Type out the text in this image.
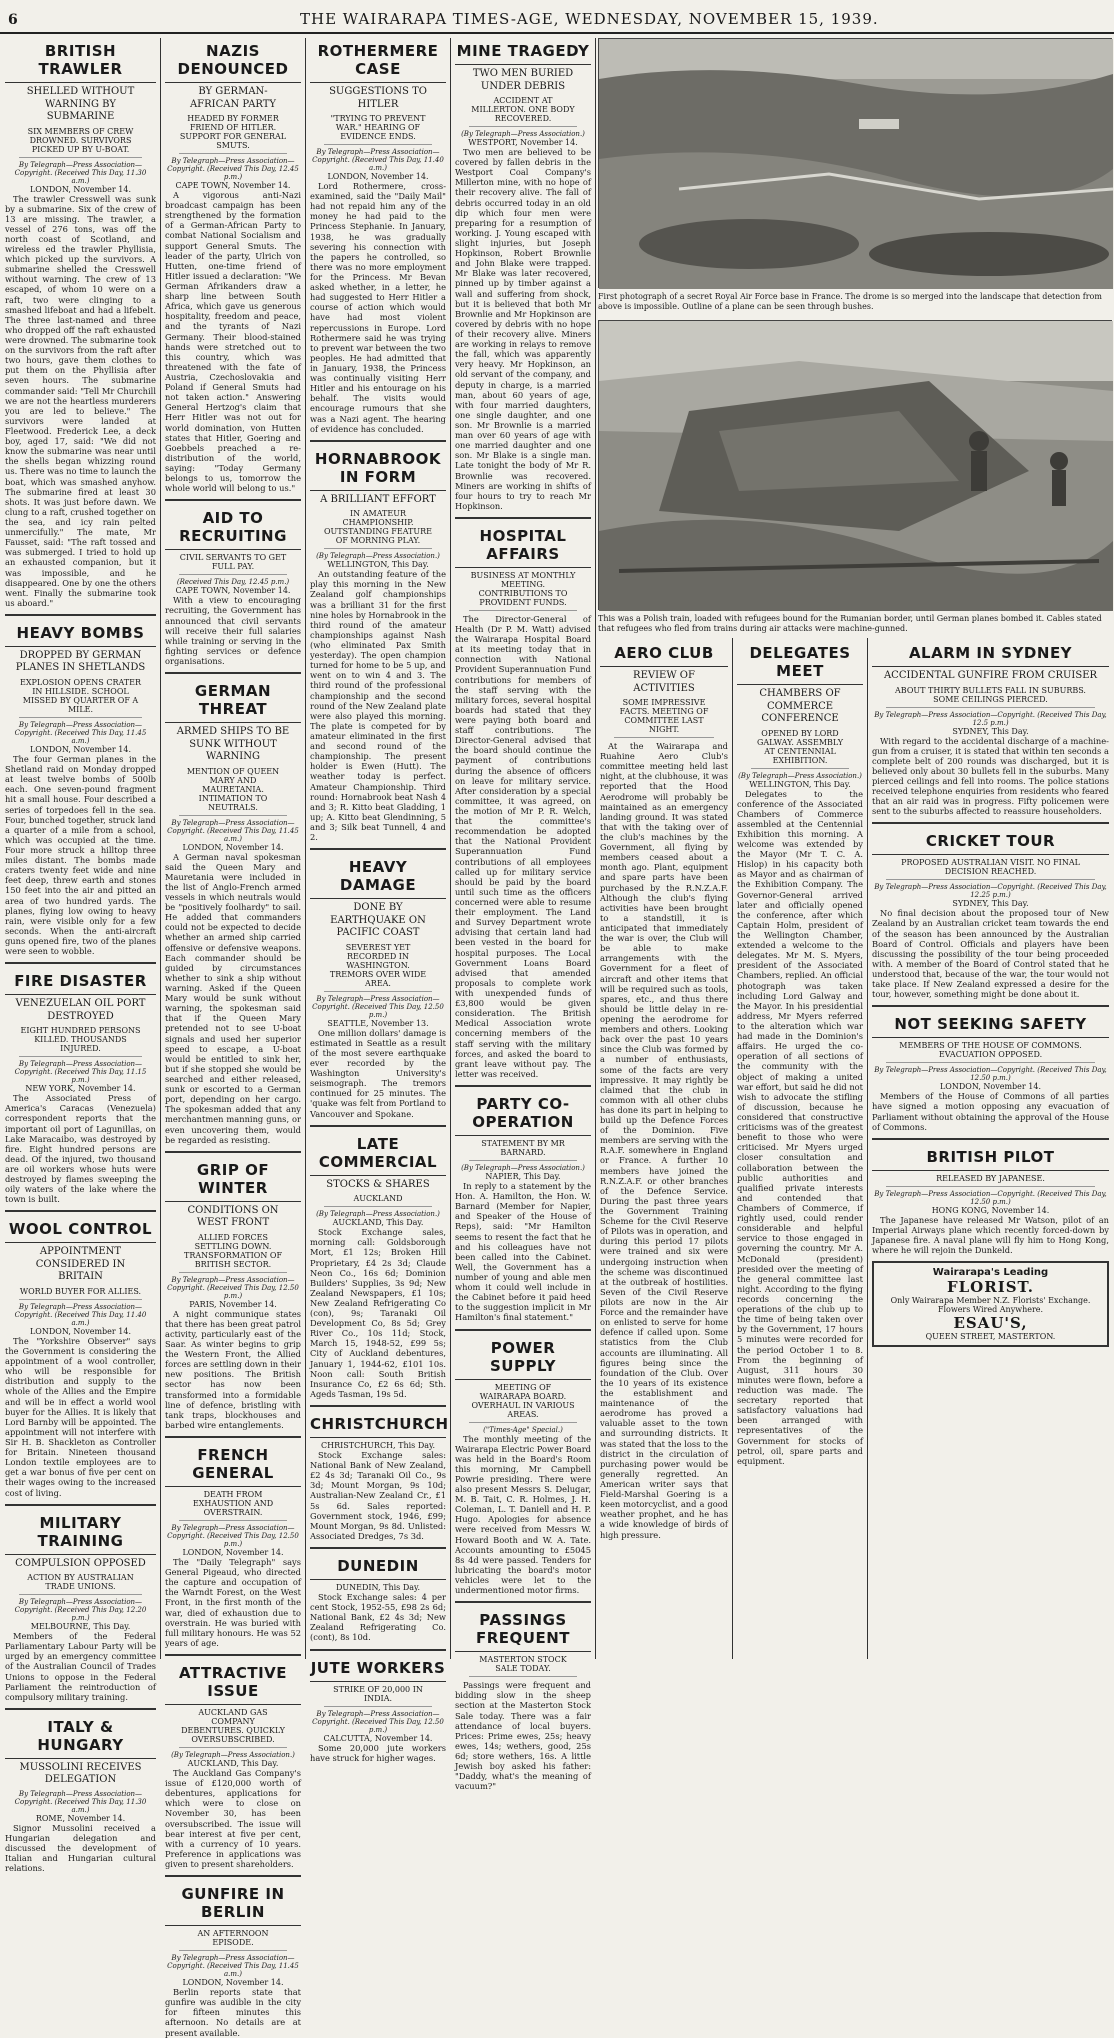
6	THE WAIRARAPA TIMES-AGE, WEDNESDAY, NOVEMBER 15, 1939.
BRITISH TRAWLER
SHELLED WITHOUT WARNING BY SUBMARINE
SIX MEMBERS OF CREW DROWNED. SURVIVORS PICKED UP BY U-BOAT.
By Telegraph—Press Association—Copyright. (Received This Day, 11.30 a.m.)
LONDON, November 14.

The trawler Cresswell was sunk by a submarine. Six of the crew of 13 are missing. The trawler, a vessel of 276 tons, was off the north coast of Scotland, and wireless ed the trawler Phyllisia, which picked up the survivors. A submarine shelled the Cresswell without warning. The crew of 13 escaped, of whom 10 were on a raft, two were clinging to a smashed lifeboat and had a lifebelt. The three last-named and three who dropped off the raft exhausted were drowned. The submarine took on the survivors from the raft after two hours, gave them clothes to put them on the Phyllisia after seven hours. The submarine commander said: "Tell Mr Churchill we are not the heartless murderers you are led to believe." The survivors were landed at Fleetwood. Frederick Lee, a deck boy, aged 17, said: "We did not know the submarine was near until the shells began whizzing round us. There was no time to launch the boat, which was smashed anyhow. The submarine fired at least 30 shots. It was just before dawn. We clung to a raft, crushed together on the sea, and icy rain pelted unmercifully." The mate, Mr Fausset, said: "The raft tossed and was submerged. I tried to hold up an exhausted companion, but it was impossible, and he disappeared. One by one the others went. Finally the submarine took us aboard."

HEAVY BOMBS
DROPPED BY GERMAN PLANES IN SHETLANDS
EXPLOSION OPENS CRATER IN HILLSIDE. SCHOOL MISSED BY QUARTER OF A MILE.
By Telegraph—Press Association—Copyright. (Received This Day, 11.45 a.m.)
LONDON, November 14.

The four German planes in the Shetland raid on Monday dropped at least twelve bombs of 500lb each. One seven-pound fragment hit a small house. Four described a series of torpedoes fell in the sea. Four, bunched together, struck land a quarter of a mile from a school, which was occupied at the time. Four more struck a hilltop three miles distant. The bombs made craters twenty feet wide and nine feet deep, threw earth and stones 150 feet into the air and pitted an area of two hundred yards. The planes, flying low owing to heavy rain, were visible only for a few seconds. When the anti-aircraft guns opened fire, two of the planes were seen to wobble.

FIRE DISASTER
VENEZUELAN OIL PORT DESTROYED
EIGHT HUNDRED PERSONS KILLED. THOUSANDS INJURED.
By Telegraph—Press Association—Copyright. (Received This Day, 11.15 p.m.)
NEW YORK, November 14.

The Associated Press of America's Caracas (Venezuela) correspondent reports that the important oil port of Lagunillas, on Lake Maracaibo, was destroyed by fire. Eight hundred persons are dead. Of the injured, two thousand are oil workers whose huts were destroyed by flames sweeping the oily waters of the lake where the town is built.

WOOL CONTROL
APPOINTMENT CONSIDERED IN BRITAIN
WORLD BUYER FOR ALLIES.
By Telegraph—Press Association—Copyright. (Received This Day, 11.40 a.m.)
LONDON, November 14.

The "Yorkshire Observer" says the Government is considering the appointment of a wool controller, who will be responsible for distribution and supply to the whole of the Allies and the Empire and will be in effect a world wool buyer for the Allies. It is likely that Lord Barnby will be appointed. The appointment will not interfere with Sir H. B. Shackleton as Controller for Britain. Nineteen thousand London textile employees are to get a war bonus of five per cent on their wages owing to the increased cost of living.

MILITARY TRAINING
COMPULSION OPPOSED
ACTION BY AUSTRALIAN TRADE UNIONS.
By Telegraph—Press Association—Copyright. (Received This Day, 12.20 p.m.)
MELBOURNE, This Day.

Members of the Federal Parliamentary Labour Party will be urged by an emergency committee of the Australian Council of Trades Unions to oppose in the Federal Parliament the reintroduction of compulsory military training.

ITALY & HUNGARY
MUSSOLINI RECEIVES DELEGATION
By Telegraph—Press Association—Copyright. (Received This Day, 11.30 a.m.)
ROME, November 14.

Signor Mussolini received a Hungarian delegation and discussed the development of Italian and Hungarian cultural relations.

NAZIS DENOUNCED
BY GERMAN-AFRICAN PARTY
HEADED BY FORMER FRIEND OF HITLER. SUPPORT FOR GENERAL SMUTS.
By Telegraph—Press Association—Copyright. (Received This Day, 12.45 p.m.)
CAPE TOWN, November 14.

A vigorous anti-Nazi broadcast campaign has been strengthened by the formation of a German-African Party to combat National Socialism and support General Smuts. The leader of the party, Ulrich von Hutten, one-time friend of Hitler issued a declaration: "We German Afrikanders draw a sharp line between South Africa, which gave us generous hospitality, freedom and peace, and the tyrants of Nazi Germany. Their blood-stained hands were stretched out to this country, which was threatened with the fate of Austria, Czechoslovakia and Poland if General Smuts had not taken action." Answering General Hertzog's claim that Herr Hitler was not out for world domination, von Hutten states that Hitler, Goering and Goebbels preached a re-distribution of the world, saying: "Today Germany belongs to us, tomorrow the whole world will belong to us."

AID TO RECRUITING
CIVIL SERVANTS TO GET FULL PAY.
(Received This Day, 12.45 p.m.)
CAPE TOWN, November 14.

With a view to encouraging recruiting, the Government has announced that civil servants will receive their full salaries while training or serving in the fighting services or defence organisations.

GERMAN THREAT
ARMED SHIPS TO BE SUNK WITHOUT WARNING
MENTION OF QUEEN MARY AND MAURETANIA. INTIMATION TO NEUTRALS.
By Telegraph—Press Association—Copyright. (Received This Day, 11.45 a.m.)
LONDON, November 14.

A German naval spokesman said the Queen Mary and Mauretania were included in the list of Anglo-French armed vessels in which neutrals would be "positively foolhardy" to sail. He added that commanders could not be expected to decide whether an armed ship carried offensive or defensive weapons. Each commander should be guided by circumstances whether to sink a ship without warning. Asked if the Queen Mary would be sunk without warning, the spokesman said that if the Queen Mary pretended not to see U-boat signals and used her superior speed to escape, a U-boat would be entitled to sink her, but if she stopped she would be searched and either released, sunk or escorted to a German port, depending on her cargo. The spokesman added that any merchantmen manning guns, or even uncovering them, would be regarded as resisting.

GRIP OF WINTER
CONDITIONS ON WEST FRONT
ALLIED FORCES SETTLING DOWN. TRANSFORMATION OF BRITISH SECTOR.
By Telegraph—Press Association—Copyright. (Received This Day, 12.50 p.m.)
PARIS, November 14.

A night communique states that there has been great patrol activity, particularly east of the Saar. As winter begins to grip the Western Front, the Allied forces are settling down in their new positions. The British sector has now been transformed into a formidable line of defence, bristling with tank traps, blockhouses and barbed wire entanglements.

FRENCH GENERAL
DEATH FROM EXHAUSTION AND OVERSTRAIN.
By Telegraph—Press Association—Copyright. (Received This Day, 12.50 p.m.)
LONDON, November 14.

The "Daily Telegraph" says General Pigeaud, who directed the capture and occupation of the Warndt Forest, on the West Front, in the first month of the war, died of exhaustion due to overstrain. He was buried with full military honours. He was 52 years of age.

ATTRACTIVE ISSUE
AUCKLAND GAS COMPANY DEBENTURES. QUICKLY OVERSUBSCRIBED.
(By Telegraph—Press Association.)
AUCKLAND, This Day.

The Auckland Gas Company's issue of £120,000 worth of debentures, applications for which were to close on November 30, has been oversubscribed. The issue will bear interest at five per cent, with a currency of 10 years. Preference in applications was given to present shareholders.

GUNFIRE IN BERLIN
AN AFTERNOON EPISODE.
By Telegraph—Press Association—Copyright. (Received This Day, 11.45 a.m.)
LONDON, November 14.

Berlin reports state that gunfire was audible in the city for fifteen minutes this afternoon. No details are at present available.

ROTHERMERE CASE
SUGGESTIONS TO HITLER
"TRYING TO PREVENT WAR." HEARING OF EVIDENCE ENDS.
By Telegraph—Press Association—Copyright. (Received This Day, 11.40 a.m.)
LONDON, November 14.

Lord Rothermere, cross-examined, said the "Daily Mail" had not repaid him any of the money he had paid to the Princess Stephanie. In January, 1938, he was gradually severing his connection with the papers he controlled, so there was no more employment for the Princess. Mr Bevan asked whether, in a letter, he had suggested to Herr Hitler a course of action which would have had most violent repercussions in Europe. Lord Rothermere said he was trying to prevent war between the two peoples. He had admitted that in January, 1938, the Princess was continually visiting Herr Hitler and his entourage on his behalf. The visits would encourage rumours that she was a Nazi agent. The hearing of evidence has concluded.

HORNABROOK IN FORM
A BRILLIANT EFFORT
IN AMATEUR CHAMPIONSHIP. OUTSTANDING FEATURE OF MORNING PLAY.
(By Telegraph—Press Association.)
WELLINGTON, This Day.

An outstanding feature of the play this morning in the New Zealand golf championships was a brilliant 31 for the first nine holes by Hornabrook in the third round of the amateur championships against Nash (who eliminated Pax Smith yesterday). The open champion turned for home to be 5 up, and went on to win 4 and 3. The third round of the professional championship and the second round of the New Zealand plate were also played this morning. The plate is competed for by amateur eliminated in the first and second round of the championship. The present holder is Ewen (Hutt). The weather today is perfect. Amateur Championship. Third round: Hornabrook beat Nash 4 and 3; R. Kitto beat Gladding, 1 up; A. Kitto beat Glendinning, 5 and 3; Silk beat Tunnell, 4 and 2.

HEAVY DAMAGE
DONE BY EARTHQUAKE ON PACIFIC COAST
SEVEREST YET RECORDED IN WASHINGTON. TREMORS OVER WIDE AREA.
By Telegraph—Press Association—Copyright. (Received This Day, 12.50 p.m.)
SEATTLE, November 13.

One million dollars' damage is estimated in Seattle as a result of the most severe earthquake ever recorded by the Washington University's seismograph. The tremors continued for 25 minutes. The 'quake was felt from Portland to Vancouver and Spokane.

LATE COMMERCIAL
STOCKS & SHARES
AUCKLAND
(By Telegraph—Press Association.)
AUCKLAND, This Day.

Stock Exchange sales, morning call: Goldsborough Mort, £1 12s; Broken Hill Proprietary, £4 2s 3d; Claude Neon Co., 16s 6d; Dominion Builders' Supplies, 3s 9d; New Zealand Newspapers, £1 10s; New Zealand Refrigerating Co (con), 9s; Taranaki Oil Development Co, 8s 5d; Grey River Co., 10s 11d; Stock, March 15, 1948-52, £99 5s; City of Auckland debentures, January 1, 1944-62, £101 10s. Noon call: South British Insurance Co, £2 6s 6d; Sth. Ageds Tasman, 19s 5d.

CHRISTCHURCH
CHRISTCHURCH, This Day.

Stock Exchange sales: National Bank of New Zealand, £2 4s 3d; Taranaki Oil Co., 9s 3d; Mount Morgan, 9s 10d; Australian-New Zealand Cr., £1 5s 6d. Sales reported: Government stock, 1946, £99; Mount Morgan, 9s 8d. Unlisted: Associated Dredges, 7s 3d.

DUNEDIN
DUNEDIN, This Day.

Stock Exchange sales: 4 per cent Stock, 1952-55, £98 2s 6d; National Bank, £2 4s 3d; New Zealand Refrigerating Co. (cont), 8s 10d.

JUTE WORKERS
STRIKE OF 20,000 IN INDIA.
By Telegraph—Press Association—Copyright. (Received This Day, 12.50 p.m.)
CALCUTTA, November 14.

Some 20,000 jute workers have struck for higher wages.

MINE TRAGEDY
TWO MEN BURIED UNDER DEBRIS
ACCIDENT AT MILLERTON. ONE BODY RECOVERED.
(By Telegraph—Press Association.)
WESTPORT, November 14.

Two men are believed to be covered by fallen debris in the Westport Coal Company's Millerton mine, with no hope of their recovery alive. The fall of debris occurred today in an old dip which four men were preparing for a resumption of working. J. Young escaped with slight injuries, but Joseph Hopkinson, Robert Brownlie and John Blake were trapped. Mr Blake was later recovered, pinned up by timber against a wall and suffering from shock, but it is believed that both Mr Brownlie and Mr Hopkinson are covered by debris with no hope of their recovery alive. Miners are working in relays to remove the fall, which was apparently very heavy. Mr Hopkinson, an old servant of the company, and deputy in charge, is a married man, about 60 years of age, with four married daughters, one single daughter, and one son. Mr Brownlie is a married man over 60 years of age with one married daughter and one son. Mr Blake is a single man. Late tonight the body of Mr R. Brownlie was recovered. Miners are working in shifts of four hours to try to reach Mr Hopkinson.

HOSPITAL AFFAIRS
BUSINESS AT MONTHLY MEETING. CONTRIBUTIONS TO PROVIDENT FUNDS.

The Director-General of Health (Dr P. M. Watt) advised the Wairarapa Hospital Board at its meeting today that in connection with National Provident Superannuation Fund contributions for members of the staff serving with the military forces, several hospital boards had stated that they were paying both board and staff contributions. The Director-General advised that the board should continue the payment of contributions during the absence of officers on leave for military service. After consideration by a special committee, it was agreed, on the motion of Mr P. R. Welch, that the committee's recommendation be adopted that the National Provident Superannuation Fund contributions of all employees called up for military service should be paid by the board until such time as the officers concerned were able to resume their employment. The Land and Survey Department wrote advising that certain land had been vested in the board for hospital purposes. The Local Government Loans Board advised that amended proposals to complete work with unexpended funds of £3,800 would be given consideration. The British Medical Association wrote concerning members of the staff serving with the military forces, and asked the board to grant leave without pay. The letter was received.

PARTY CO-OPERATION
STATEMENT BY MR BARNARD.
(By Telegraph—Press Association.)
NAPIER, This Day.

In reply to a statement by the Hon. A. Hamilton, the Hon. W. Barnard (Member for Napier, and Speaker of the House of Reps), said: "Mr Hamilton seems to resent the fact that he and his colleagues have not been called into the Cabinet. Well, the Government has a number of young and able men whom it could well include in the Cabinet before it paid heed to the suggestion implicit in Mr Hamilton's final statement."

POWER SUPPLY
MEETING OF WAIRARAPA BOARD. OVERHAUL IN VARIOUS AREAS.
("Times-Age" Special.)

The monthly meeting of the Wairarapa Electric Power Board was held in the Board's Room this morning, Mr Campbell Powrie presiding. There were also present Messrs S. Delugar, M. B. Tait, C. R. Holmes, J. H. Coleman, L. T. Daniell and H. P. Hugo. Apologies for absence were received from Messrs W. Howard Booth and W. A. Tate. Accounts amounting to £5045 8s 4d were passed. Tenders for lubricating the board's motor vehicles were let to the undermentioned motor firms.

PASSINGS FREQUENT
MASTERTON STOCK SALE TODAY.

Passings were frequent and bidding slow in the sheep section at the Masterton Stock Sale today. There was a fair attendance of local buyers. Prices: Prime ewes, 25s; heavy ewes, 14s; wethers, good, 25s 6d; store wethers, 16s. A little Jewish boy asked his father: "Daddy, what's the meaning of vacuum?"

First photograph of a secret Royal Air Force base in France. The drome is so merged into the landscape that detection from above is impossible. Outline of a plane can be seen through bushes.
This was a Polish train, loaded with refugees bound for the Rumanian border, until German planes bombed it. Cables stated that refugees who fled from trains during air attacks were machine-gunned.
AERO CLUB
REVIEW OF ACTIVITIES
SOME IMPRESSIVE FACTS. MEETING OF COMMITTEE LAST NIGHT.

At the Wairarapa and Ruahine Aero Club's committee meeting held last night, at the clubhouse, it was reported that the Hood Aerodrome will probably be maintained as an emergency landing ground. It was stated that with the taking over of the club's machines by the Government, all flying by members ceased about a month ago. Plant, equipment and spare parts have been purchased by the R.N.Z.A.F. Although the club's flying activities have been brought to a standstill, it is anticipated that immediately the war is over, the Club will be able to make arrangements with the Government for a fleet of aircraft and other items that will be required such as tools, spares, etc., and thus there should be little delay in re-opening the aerodrome for members and others. Looking back over the past 10 years since the Club was formed by a number of enthusiasts, some of the facts are very impressive. It may rightly be claimed that the club in common with all other clubs has done its part in helping to build up the Defence Forces of the Dominion. Five members are serving with the R.A.F. somewhere in England or France. A further 10 members have joined the R.N.Z.A.F. or other branches of the Defence Service. During the past three years the Government Training Scheme for the Civil Reserve of Pilots was in operation, and during this period 17 pilots were trained and six were undergoing instruction when the scheme was discontinued at the outbreak of hostilities. Seven of the Civil Reserve pilots are now in the Air Force and the remainder have on enlisted to serve for home defence if called upon. Some statistics from the Club accounts are illuminating. All figures being since the foundation of the Club. Over the 10 years of its existence the establishment and maintenance of the aerodrome has proved a valuable asset to the town and surrounding districts. It was stated that the loss to the district in the circulation of purchasing power would be generally regretted. An American writer says that Field-Marshal Goering is a keen motorcyclist, and a good weather prophet, and he has a wide knowledge of birds of high pressure.

DELEGATES MEET
CHAMBERS OF COMMERCE CONFERENCE
OPENED BY LORD GALWAY. ASSEMBLY AT CENTENNIAL EXHIBITION.
(By Telegraph—Press Association.)
WELLINGTON, This Day.

Delegates to the conference of the Associated Chambers of Commerce assembled at the Centennial Exhibition this morning. A welcome was extended by the Mayor (Mr T. C. A. Hislop) in his capacity both as Mayor and as chairman of the Exhibition Company. The Governor-General arrived later and officially opened the conference, after which Captain Holm, president of the Wellington Chamber, extended a welcome to the delegates. Mr M. S. Myers, president of the Associated Chambers, replied. An official photograph was taken including Lord Galway and the Mayor. In his presidential address, Mr Myers referred to the alteration which war had made in the Dominion's affairs. He urged the co-operation of all sections of the community with the object of making a united war effort, but said he did not wish to advocate the stifling of discussion, because he considered that constructive criticisms was of the greatest benefit to those who were criticised. Mr Myers urged closer consultation and collaboration between the public authorities and qualified private interests and contended that Chambers of Commerce, if rightly used, could render considerable and helpful service to those engaged in governing the country. Mr A. McDonald (president) presided over the meeting of the general committee last night. According to the flying records concerning the operations of the club up to the time of being taken over by the Government, 17 hours 5 minutes were recorded for the period October 1 to 8. From the beginning of August, 311 hours 30 minutes were flown, before a reduction was made. The secretary reported that satisfactory valuations had been arranged with representatives of the Government for stocks of petrol, oil, spare parts and equipment.

ALARM IN SYDNEY
ACCIDENTAL GUNFIRE FROM CRUISER
ABOUT THIRTY BULLETS FALL IN SUBURBS. SOME CEILINGS PIERCED.
By Telegraph—Press Association—Copyright. (Received This Day, 12.5 p.m.)
SYDNEY, This Day.

With regard to the accidental discharge of a machine-gun from a cruiser, it is stated that within ten seconds a complete belt of 200 rounds was discharged, but it is believed only about 30 bullets fell in the suburbs. Many pierced ceilings and fell into rooms. The police stations received telephone enquiries from residents who feared that an air raid was in progress. Fifty policemen were sent to the suburbs affected to reassure householders.

CRICKET TOUR
PROPOSED AUSTRALIAN VISIT. NO FINAL DECISION REACHED.
By Telegraph—Press Association—Copyright. (Received This Day, 12.25 p.m.)
SYDNEY, This Day.

No final decision about the proposed tour of New Zealand by an Australian cricket team towards the end of the season has been announced by the Australian Board of Control. Officials and players have been discussing the possibility of the tour being proceeded with. A member of the Board of Control stated that he understood that, because of the war, the tour would not take place. If New Zealand expressed a desire for the tour, however, something might be done about it.

NOT SEEKING SAFETY
MEMBERS OF THE HOUSE OF COMMONS. EVACUATION OPPOSED.
By Telegraph—Press Association—Copyright. (Received This Day, 12.50 p.m.)
LONDON, November 14.

Members of the House of Commons of all parties have signed a motion opposing any evacuation of Parliament without obtaining the approval of the House of Commons.

BRITISH PILOT
RELEASED BY JAPANESE.
By Telegraph—Press Association—Copyright. (Received This Day, 12.50 p.m.)
HONG KONG, November 14.

The Japanese have released Mr Watson, pilot of an Imperial Airways plane which recently forced-down by Japanese fire. A naval plane will fly him to Hong Kong, where he will rejoin the Dunkeld.

Wairarapa's Leading
FLORIST.
Only Wairarapa Member N.Z. Florists' Exchange.
Flowers Wired Anywhere.
ESAU'S,
QUEEN STREET, MASTERTON.
